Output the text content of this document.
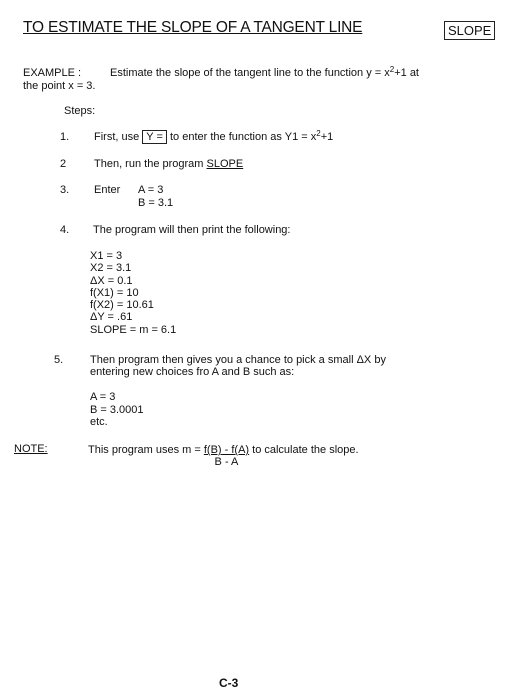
TO ESTIMATE THE SLOPE OF A TANGENT LINE	SLOPE
EXAMPLE :	Estimate the slope of the tangent line to the function $y = x^2+1$ at
the point x = 3.
Steps:
1. First, use Y = to enter the function as $Y1 = x^2+1$
2	Then, run the program SLOPE
3. Enter A = 3
B = 3.1
4. The program will then print the following:
X1 = 3
X2 = 3.1
ΔX = 0.1
f(X1) = 10
f(X2) = 10.61
ΔY = .61
SLOPE = m = 6.1
5. Then program then gives you a chance to pick a small ΔX by
entering new choices fro A and B such as:
A = 3
B = 3.0001
etc.
NOTE:	This program uses $m = \frac{f(B) - f(A)}{B - A}$ to calculate the slope.
C-3
